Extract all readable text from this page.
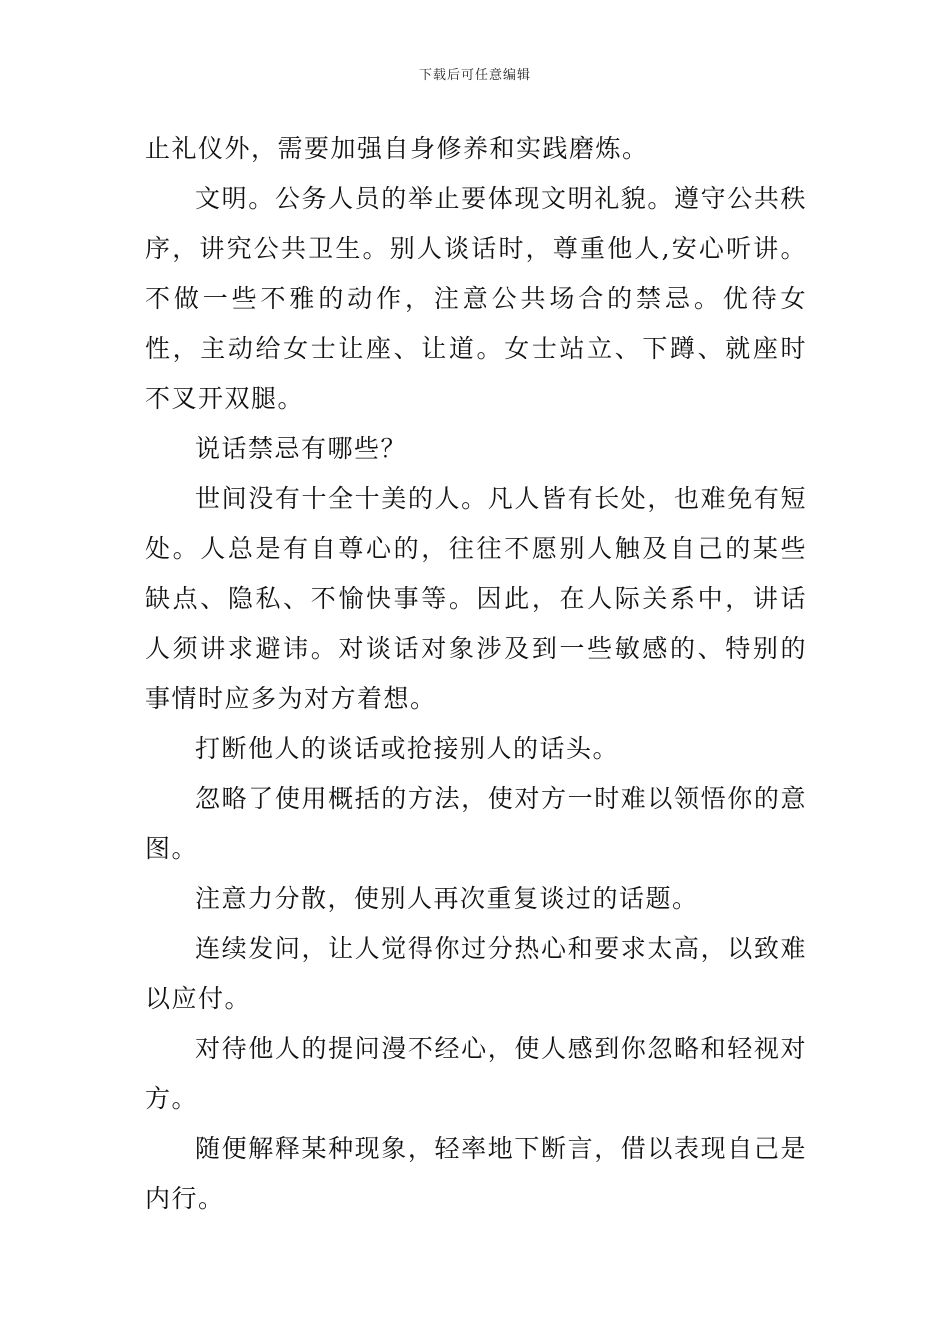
下载后可任意编辑

止礼仪外，需要加强自身修养和实践磨炼。

文明。公务人员的举止要体现文明礼貌。遵守公共秩序，讲究公共卫生。别人谈话时，尊重他人,安心听讲。不做一些不雅的动作，注意公共场合的禁忌。优待女性，主动给女士让座、让道。女士站立、下蹲、就座时不叉开双腿。

说话禁忌有哪些？

世间没有十全十美的人。凡人皆有长处，也难免有短处。人总是有自尊心的，往往不愿别人触及自己的某些缺点、隐私、不愉快事等。因此，在人际关系中，讲话人须讲求避讳。对谈话对象涉及到一些敏感的、特别的事情时应多为对方着想。

打断他人的谈话或抢接别人的话头。

忽略了使用概括的方法，使对方一时难以领悟你的意图。

注意力分散，使别人再次重复谈过的话题。

连续发问，让人觉得你过分热心和要求太高，以致难以应付。

对待他人的提问漫不经心，使人感到你忽略和轻视对方。

随便解释某种现象，轻率地下断言，借以表现自己是内行。
